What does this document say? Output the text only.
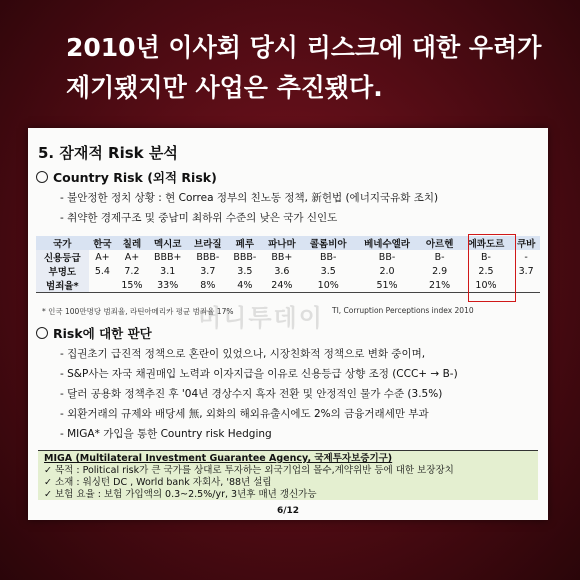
2010년 이사회 당시 리스크에 대한 우려가
제기됐지만 사업은 추진됐다.
5. 잠재적 Risk 분석
Country Risk (외적 Risk)
- 불안정한 정치 상황 : 현 Correa 정부의 친노동 정책, 新헌법 (에너지국유화 조치)
- 취약한 경제구조 및 중남미 최하위 수준의 낮은 국가 신인도
국가	한국	칠레	멕시코	브라질	페루	파나마	콜롬비아	베네수엘라	아르헨	에콰도르	쿠바
신용등급	A+	A+	BBB+	BBB-	BBB-	BB+	BB-	BB-	B-	B-	-
부명도	5.4	7.2	3.1	3.7	3.5	3.6	3.5	2.0	2.9	2.5	3.7
범죄율*		15%	33%	8%	4%	24%	10%	51%	21%	10%	
* 인국 100만명당 범죄율, 라틴아메리카 평균 범죄율 17%	TI, Corruption Perceptions index 2010
머니투데이
Risk에 대한 판단
- 집권초기 급진적 정책으로 혼란이 있었으나, 시장친화적 정책으로 변화 중이며,
- S&P사는 자국 채권매입 노력과 이자지급을 이유로 신용등급 상향 조정 (CCC+ → B-)
- 달러 공용화 정책추진 후 '04년 경상수지 흑자 전환 및 안정적인 물가 수준 (3.5%)
- 외환거래의 규제와 배당세 無, 외화의 해외유출시에도 2%의 금융거래세만 부과
- MIGA* 가입을 통한 Country risk Hedging
MIGA (Multilateral Investment Guarantee Agency, 국제투자보증기구)
✓ 목적 : Political risk가 큰 국가를 상대로 투자하는 외국기업의 몰수,계약위반 등에 대한 보장장치
✓ 소재 : 워싱턴 DC , World bank 자회사, '88년 설립
✓ 보험 요율 : 보험 가입액의 0.3~2.5%/yr, 3년후 매년 갱신가능
6/12
